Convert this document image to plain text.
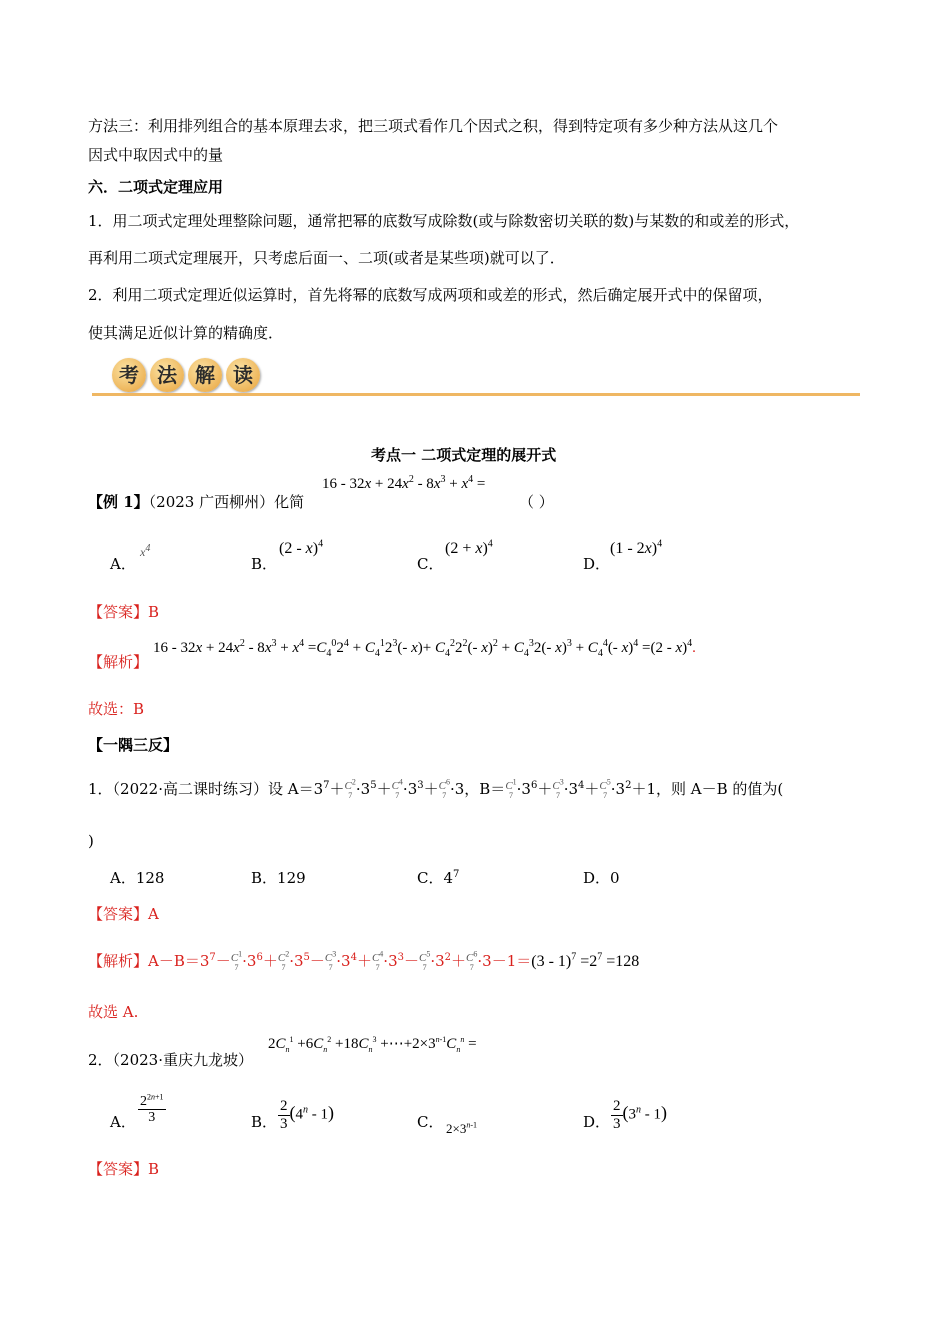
方法三：利用排列组合的基本原理去求，把三项式看作几个因式之积，得到特定项有多少种方法从这几个
因式中取因式中的量
六．二项式定理应用
1．用二项式定理处理整除问题，通常把幂的底数写成除数(或与除数密切关联的数)与某数的和或差的形式，
再利用二项式定理展开，只考虑后面一、二项(或者是某些项)就可以了．
2．利用二项式定理近似运算时，首先将幂的底数写成两项和或差的形式，然后确定展开式中的保留项，
使其满足近似计算的精确度．
考 法 解 读
考点一 二项式定理的展开式
【例 1】（2023 广西柳州）化简
$16 - 32x + 24x^2 - 8x^3 + x^4$ =
（ ）
A．
$x^4$
B．
(2 - x)$^4$
C．
$(2 + x)^4$
D．
(1 - 2x)$^4$
【答案】B
【解析】
$16 - 32x + 24x^2 - 8x^3 + x^4 =C_4^02^4 + C_4^12^3(-$ $x)+ C_4^22^2(-$ $x)^2 + C_4^32(-$ $x)^3 + C_4^4(-$ x)$^4$ =(2 - x)$^4$.
故选：B
【一隅三反】
1．（2022·高二课时练习）设 $A=3^7+ C^2$
$7 \cdot 3^5+ C^4$
$7 \cdot 3^3+ C^6$
7 ·3，$B= C^1$
$7 \cdot 3^6+ C^3$
$7 \cdot 3^4+ C^5$
$7 \cdot 3^2+1$，则 A－B 的值为(
)
A．128	B．129	C．$4^7$	D．0
【答案】A
【解析】$A-B=3^7- C^1$
$7 \cdot 3^6+ C^2$
$7 \cdot 3^5- C^3$
$7 \cdot 3^4+ C^4$
$7 \cdot 3^3- C^5$
$7 \cdot 3^2+ C^6$
$7 \cdot 3-1=(3 - 1)^7 =2^7 =128$
故选 A.
2．（2023·重庆九龙坡）
$2C_n^1 +6C_n^2 +18C_n^3$ $+\cdots+2\times 3^{n-1}C_n^n$ =
A． $\frac{2^{2n+1}}{3}$	B． $\frac{2}{3} (4^n - 1)$	C． $2\times 3^{n-1}$	D． $\frac{2}{3} (3^n - 1)$
【答案】B
